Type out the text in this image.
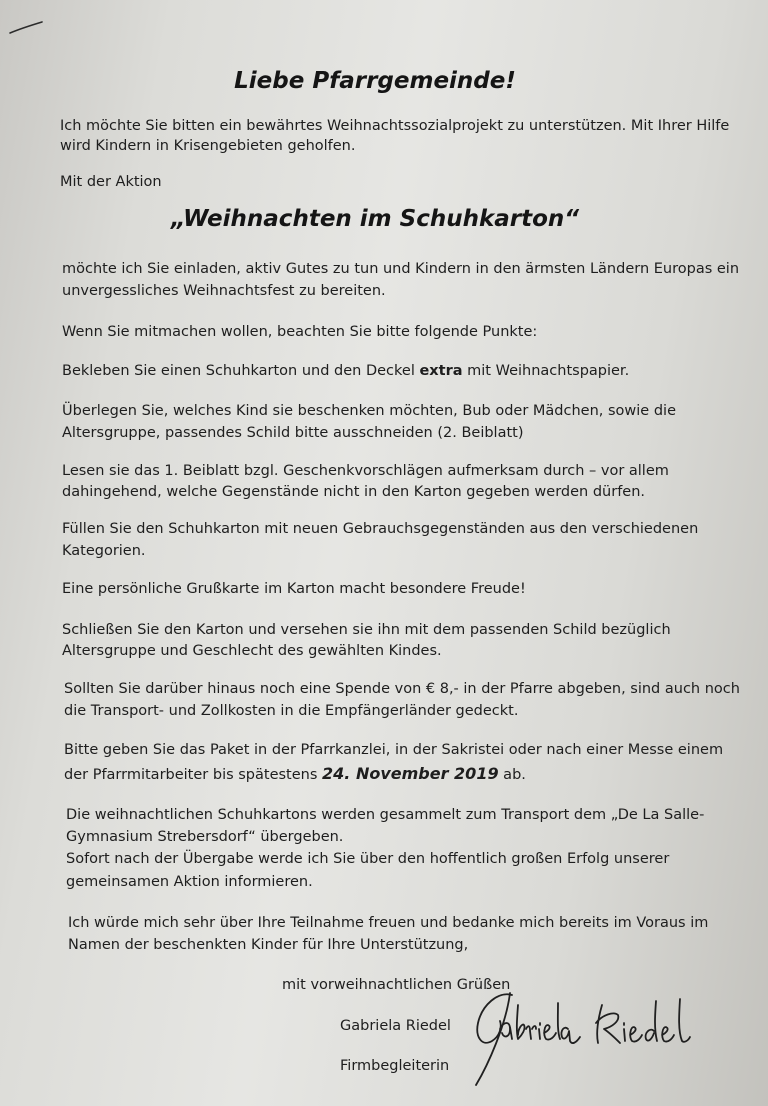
Liebe Pfarrgemeinde!
Ich möchte Sie bitten ein bewährtes Weihnachtssozialprojekt zu unterstützen. Mit Ihrer Hilfe
wird Kindern in Krisengebieten geholfen.
Mit der Aktion
„Weihnachten im Schuhkarton“
möchte ich Sie einladen, aktiv Gutes zu tun und Kindern in den ärmsten Ländern Europas ein
unvergessliches Weihnachtsfest zu bereiten.
Wenn Sie mitmachen wollen, beachten Sie bitte folgende Punkte:
Bekleben Sie einen Schuhkarton und den Deckel extra mit Weihnachtspapier.
Überlegen Sie, welches Kind sie beschenken möchten, Bub oder Mädchen, sowie die
Altersgruppe, passendes Schild bitte ausschneiden (2. Beiblatt)
Lesen sie das 1. Beiblatt bzgl. Geschenkvorschlägen aufmerksam durch – vor allem
dahingehend, welche Gegenstände nicht in den Karton gegeben werden dürfen.
Füllen Sie den Schuhkarton mit neuen Gebrauchsgegenständen aus den verschiedenen
Kategorien.
Eine persönliche Grußkarte im Karton macht besondere Freude!
Schließen Sie den Karton und versehen sie ihn mit dem passenden Schild bezüglich
Altersgruppe und Geschlecht des gewählten Kindes.
Sollten Sie darüber hinaus noch eine Spende von € 8,- in der Pfarre abgeben, sind auch noch
die Transport- und Zollkosten in die Empfängerländer gedeckt.
Bitte geben Sie das Paket in der Pfarrkanzlei, in der Sakristei oder nach einer Messe einem
der Pfarrmitarbeiter bis spätestens 24. November 2019 ab.
Die weihnachtlichen Schuhkartons werden gesammelt zum Transport dem „De La Salle-
Gymnasium Strebersdorf“ übergeben.
Sofort nach der Übergabe werde ich Sie über den hoffentlich großen Erfolg unserer
gemeinsamen Aktion informieren.
Ich würde mich sehr über Ihre Teilnahme freuen und bedanke mich bereits im Voraus im
Namen der beschenkten Kinder für Ihre Unterstützung,
mit vorweihnachtlichen Grüßen
Gabriela Riedel
Firmbegleiterin
